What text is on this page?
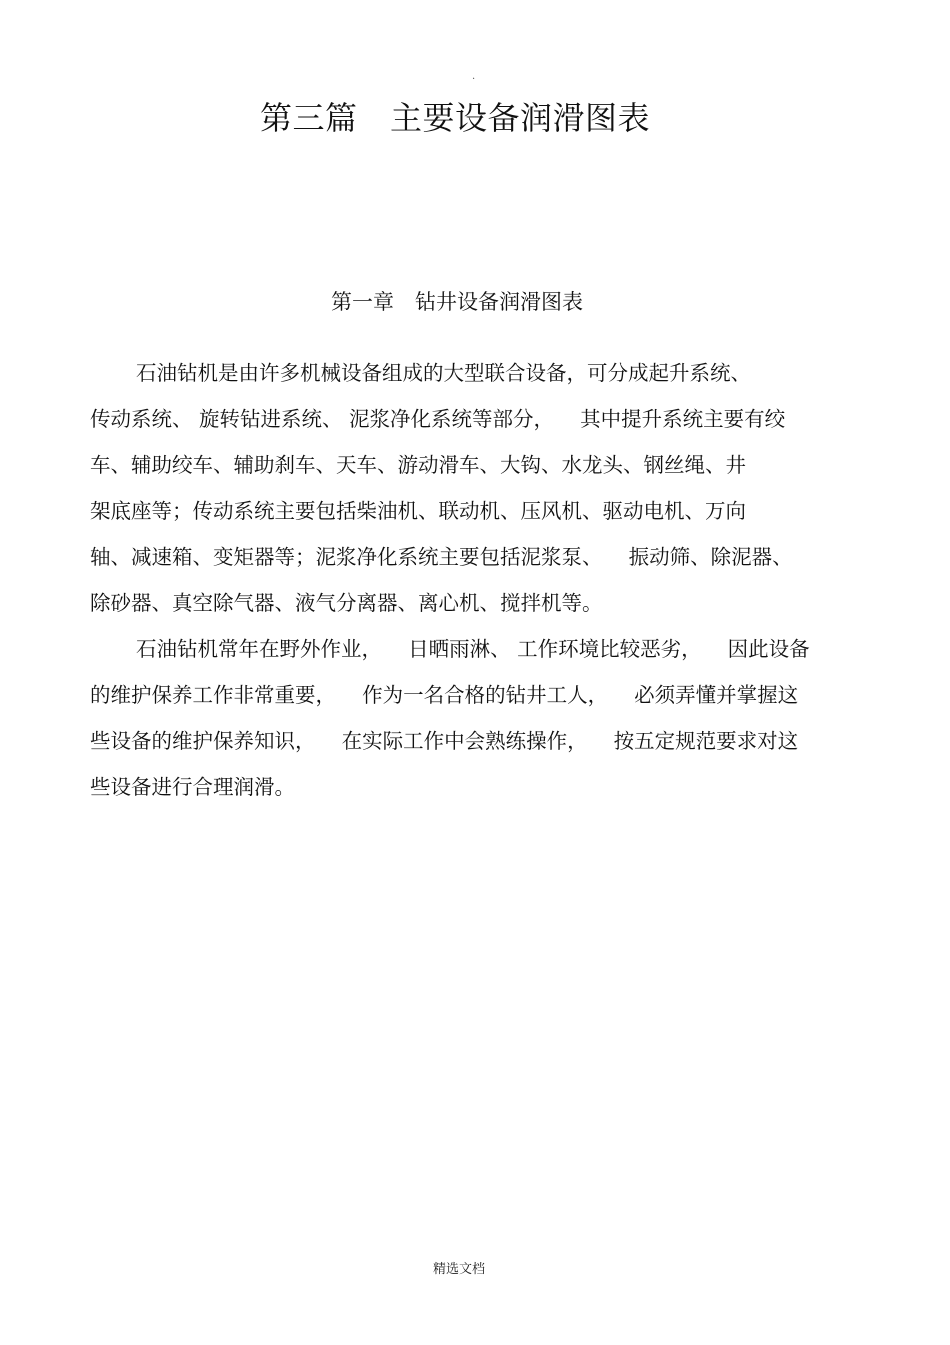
.
第三篇　主要设备润滑图表
第一章　钻井设备润滑图表
石油钻机是由许多机械设备组成的大型联合设备，可分成起升系统、
传动系统、 旋转钻进系统、 泥浆净化系统等部分，    其中提升系统主要有绞
车、辅助绞车、辅助刹车、天车、游动滑车、大钩、水龙头、钢丝绳、井
架底座等；传动系统主要包括柴油机、联动机、压风机、驱动电机、万向
轴、减速箱、变矩器等；泥浆净化系统主要包括泥浆泵、    振动筛、除泥器、
除砂器、真空除气器、液气分离器、离心机、搅拌机等。
石油钻机常年在野外作业，    日晒雨淋、 工作环境比较恶劣，    因此设备
的维护保养工作非常重要，    作为一名合格的钻井工人，    必须弄懂并掌握这
些设备的维护保养知识，    在实际工作中会熟练操作，    按五定规范要求对这
些设备进行合理润滑。
精选文档
